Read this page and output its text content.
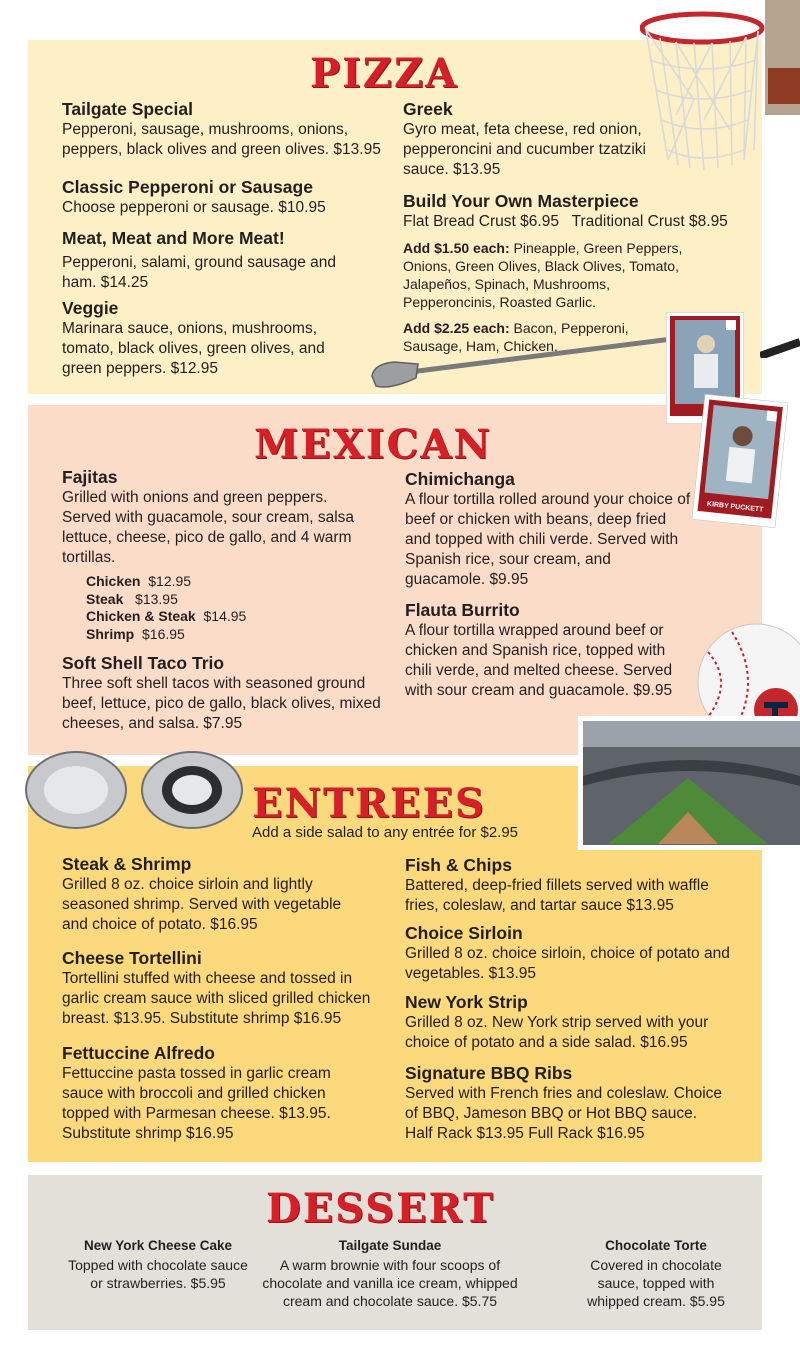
PIZZA
Tailgate Special

Pepperoni, sausage, mushrooms, onions, peppers, black olives and green olives. $13.95

Classic Pepperoni or Sausage

Choose pepperoni or sausage. $10.95

Meat, Meat and More Meat!

Pepperoni, salami, ground sausage and ham. $14.25

Veggie

Marinara sauce, onions, mushrooms, tomato, black olives, green olives, and green peppers. $12.95

Greek

Gyro meat, feta cheese, red onion, pepperoncini and cucumber tzatziki sauce. $13.95

Build Your Own Masterpiece

Flat Bread Crust $6.95   Traditional Crust $8.95

Add $1.50 each: Pineapple, Green Peppers, Onions, Green Olives, Black Olives, Tomato, Jalapeños, Spinach, Mushrooms, Pepperoncinis, Roasted Garlic.
Add $2.25 each: Bacon, Pepperoni, Sausage, Ham, Chicken.
MEXICAN
Fajitas

Grilled with onions and green peppers. Served with guacamole, sour cream, salsa lettuce, cheese, pico de gallo, and 4 warm tortillas.

Chicken $12.95
Steak $13.95
Chicken & Steak $14.95
Shrimp $16.95
Soft Shell Taco Trio

Three soft shell tacos with seasoned ground beef, lettuce, pico de gallo, black olives, mixed cheeses, and salsa. $7.95

Chimichanga

A flour tortilla rolled around your choice of beef or chicken with beans, deep fried and topped with chili verde. Served with Spanish rice, sour cream, and guacamole. $9.95

Flauta Burrito

A flour tortilla wrapped around beef or chicken and Spanish rice, topped with chili verde, and melted cheese. Served with sour cream and guacamole. $9.95

ENTREES
Add a side salad to any entrée for $2.95
Steak & Shrimp

Grilled 8 oz. choice sirloin and lightly seasoned shrimp. Served with vegetable and choice of potato. $16.95

Cheese Tortellini

Tortellini stuffed with cheese and tossed in garlic cream sauce with sliced grilled chicken breast. $13.95. Substitute shrimp $16.95

Fettuccine Alfredo

Fettuccine pasta tossed in garlic cream sauce with broccoli and grilled chicken topped with Parmesan cheese. $13.95. Substitute shrimp $16.95

Fish & Chips

Battered, deep-fried fillets served with waffle fries, coleslaw, and tartar sauce $13.95

Choice Sirloin

Grilled 8 oz. choice sirloin, choice of potato and vegetables. $13.95

New York Strip

Grilled 8 oz. New York strip served with your choice of potato and a side salad. $16.95

Signature BBQ Ribs

Served with French fries and coleslaw. Choice of BBQ, Jameson BBQ or Hot BBQ sauce. Half Rack $13.95 Full Rack $16.95

DESSERT
New York Cheese Cake

Topped with chocolate sauce or strawberries. $5.95

Tailgate Sundae

A warm brownie with four scoops of chocolate and vanilla ice cream, whipped cream and chocolate sauce. $5.75

Chocolate Torte

Covered in chocolate sauce, topped with whipped cream. $5.95

KIRBY PUCKETT
